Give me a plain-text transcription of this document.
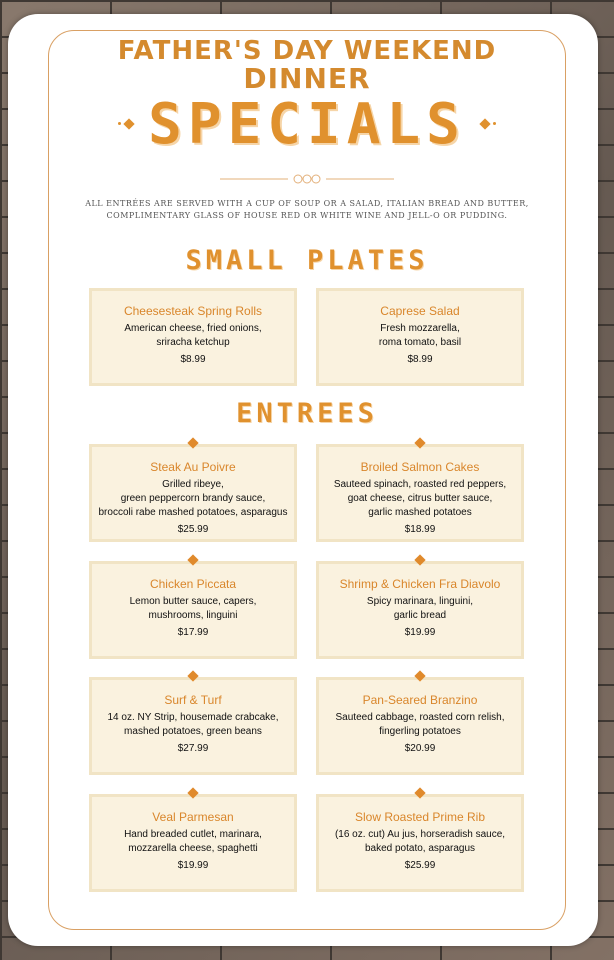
FATHER'S DAY WEEKEND
DINNER
SPECIALS
ALL ENTRÉES ARE SERVED WITH A CUP OF SOUP OR A SALAD, ITALIAN BREAD AND BUTTER,
COMPLIMENTARY GLASS OF HOUSE RED OR WHITE WINE AND JELL-O OR PUDDING.
SMALL PLATES
Cheesesteak Spring Rolls
American cheese, fried onions,
sriracha ketchup
$8.99
Caprese Salad
Fresh mozzarella,
roma tomato, basil
$8.99
ENTREES
Steak Au Poivre
Grilled ribeye,
green peppercorn brandy sauce,
broccoli rabe mashed potatoes, asparagus
$25.99
Broiled Salmon Cakes
Sauteed spinach, roasted red peppers,
goat cheese, citrus butter sauce,
garlic mashed potatoes
$18.99
Chicken Piccata
Lemon butter sauce, capers,
mushrooms, linguini
$17.99
Shrimp & Chicken Fra Diavolo
Spicy marinara, linguini,
garlic bread
$19.99
Surf & Turf
14 oz. NY Strip, housemade crabcake,
mashed potatoes, green beans
$27.99
Pan-Seared Branzino
Sauteed cabbage, roasted corn relish,
fingerling potatoes
$20.99
Veal Parmesan
Hand breaded cutlet, marinara,
mozzarella cheese, spaghetti
$19.99
Slow Roasted Prime Rib
(16 oz. cut) Au jus, horseradish sauce,
baked potato, asparagus
$25.99
